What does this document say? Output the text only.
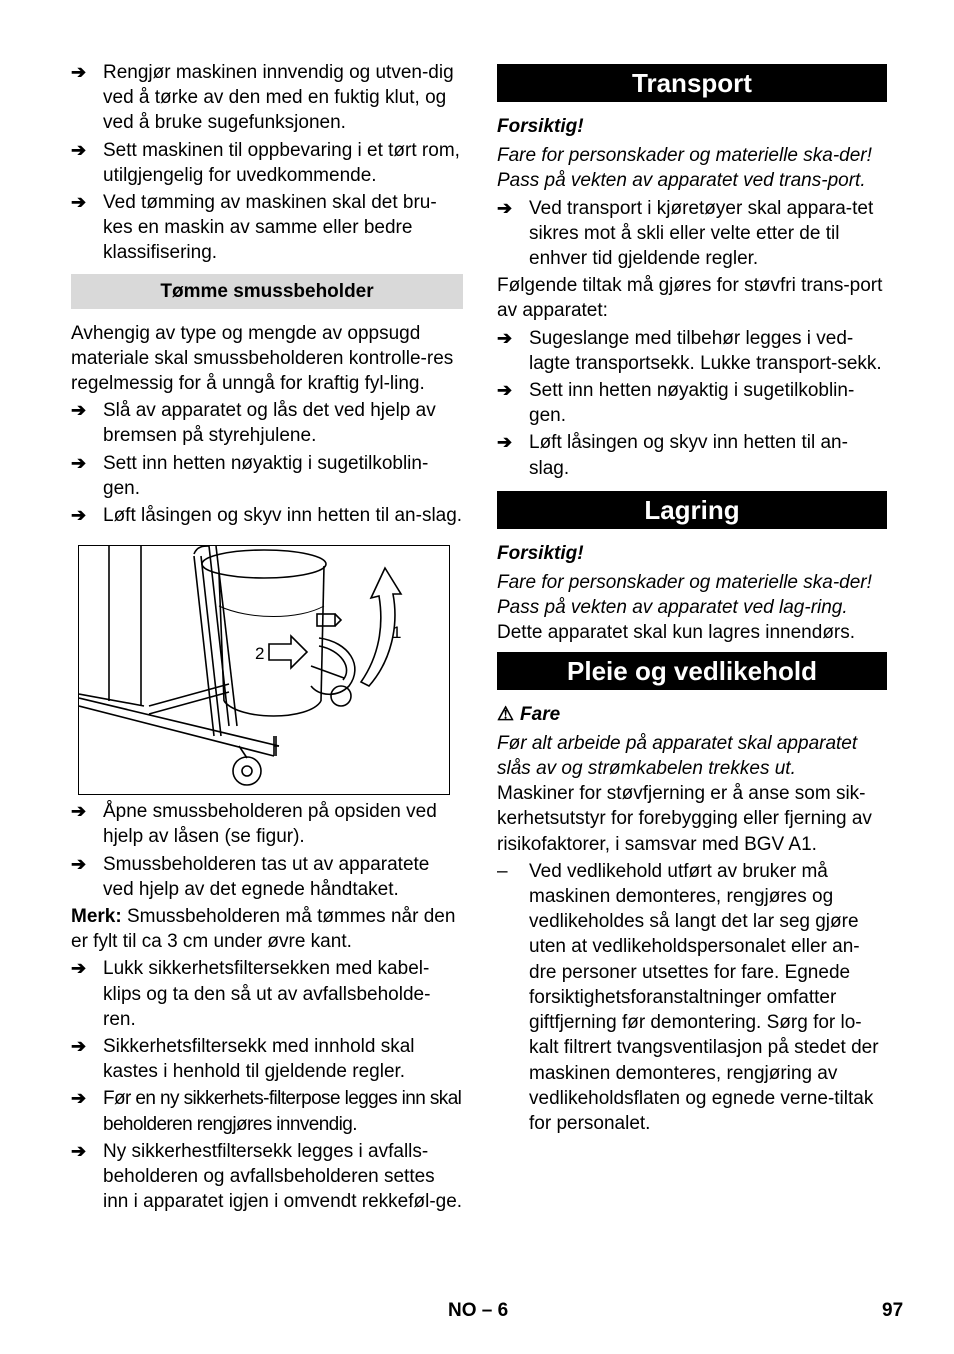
➔ Rengjør maskinen innvendig og utven-dig ved å tørke av den med en fuktig klut, og ved å bruke sugefunksjonen.
➔ Sett maskinen til oppbevaring i et tørt rom, utilgjengelig for uvedkommende.
➔ Ved tømming av maskinen skal det bru-kes en maskin av samme eller bedre klassifisering.
Tømme smussbeholder

Avhengig av type og mengde av oppsugd materiale skal smussbeholderen kontrolle-res regelmessig for å unngå for kraftig fyl-ling.

➔ Slå av apparatet og lås det ved hjelp av bremsen på styrehjulene.
➔ Sett inn hetten nøyaktig i sugetilkoblin-gen.
➔ Løft låsingen og skyv inn hetten til an-slag.
1
2
➔ Åpne smussbeholderen på opsiden ved hjelp av låsen (se figur).
➔ Smussbeholderen tas ut av apparatete ved hjelp av det egnede håndtaket.

Merk: Smussbeholderen må tømmes når den er fylt til ca 3 cm under øvre kant.

➔ Lukk sikkerhetsfiltersekken med kabel-klips og ta den så ut av avfallsbeholde-ren.
➔ Sikkerhetsfiltersekk med innhold skal kastes i henhold til gjeldende regler.
➔ Før en ny sikkerhets-filterpose legges inn skal beholderen rengjøres innvendig.
➔ Ny sikkerhestfiltersekk legges i avfalls-beholderen og avfallsbeholderen settes inn i apparatet igjen i omvendt rekkeføl-ge.
Transport

Forsiktig!

Fare for personskader og materielle ska-der! Pass på vekten av apparatet ved trans-port.

➔ Ved transport i kjøretøyer skal appara-tet sikres mot å skli eller velte etter de til enhver tid gjeldende regler.

Følgende tiltak må gjøres for støvfri trans-port av apparatet:

➔ Sugeslange med tilbehør legges i ved-lagte transportsekk. Lukke transport-sekk.
➔ Sett inn hetten nøyaktig i sugetilkoblin-gen.
➔ Løft låsingen og skyv inn hetten til an-slag.
Lagring

Forsiktig!

Fare for personskader og materielle ska-der! Pass på vekten av apparatet ved lag-ring.

Dette apparatet skal kun lagres innendørs.

Pleie og vedlikehold

⚠ Fare

Før alt arbeide på apparatet skal apparatet slås av og strømkabelen trekkes ut.

Maskiner for støvfjerning er å anse som sik-kerhetsutstyr for forebygging eller fjerning av risikofaktorer, i samsvar med BGV A1.

– Ved vedlikehold utført av bruker må maskinen demonteres, rengjøres og vedlikeholdes så langt det lar seg gjøre uten at vedlikeholdspersonalet eller an-dre personer utsettes for fare. Egnede forsiktighetsforanstaltninger omfatter giftfjerning før demontering. Sørg for lo-kalt filtrert tvangsventilasjon på stedet der maskinen demonteres, rengjøring av vedlikeholdsflaten og egnede verne-tiltak for personalet.
NO – 6	97
